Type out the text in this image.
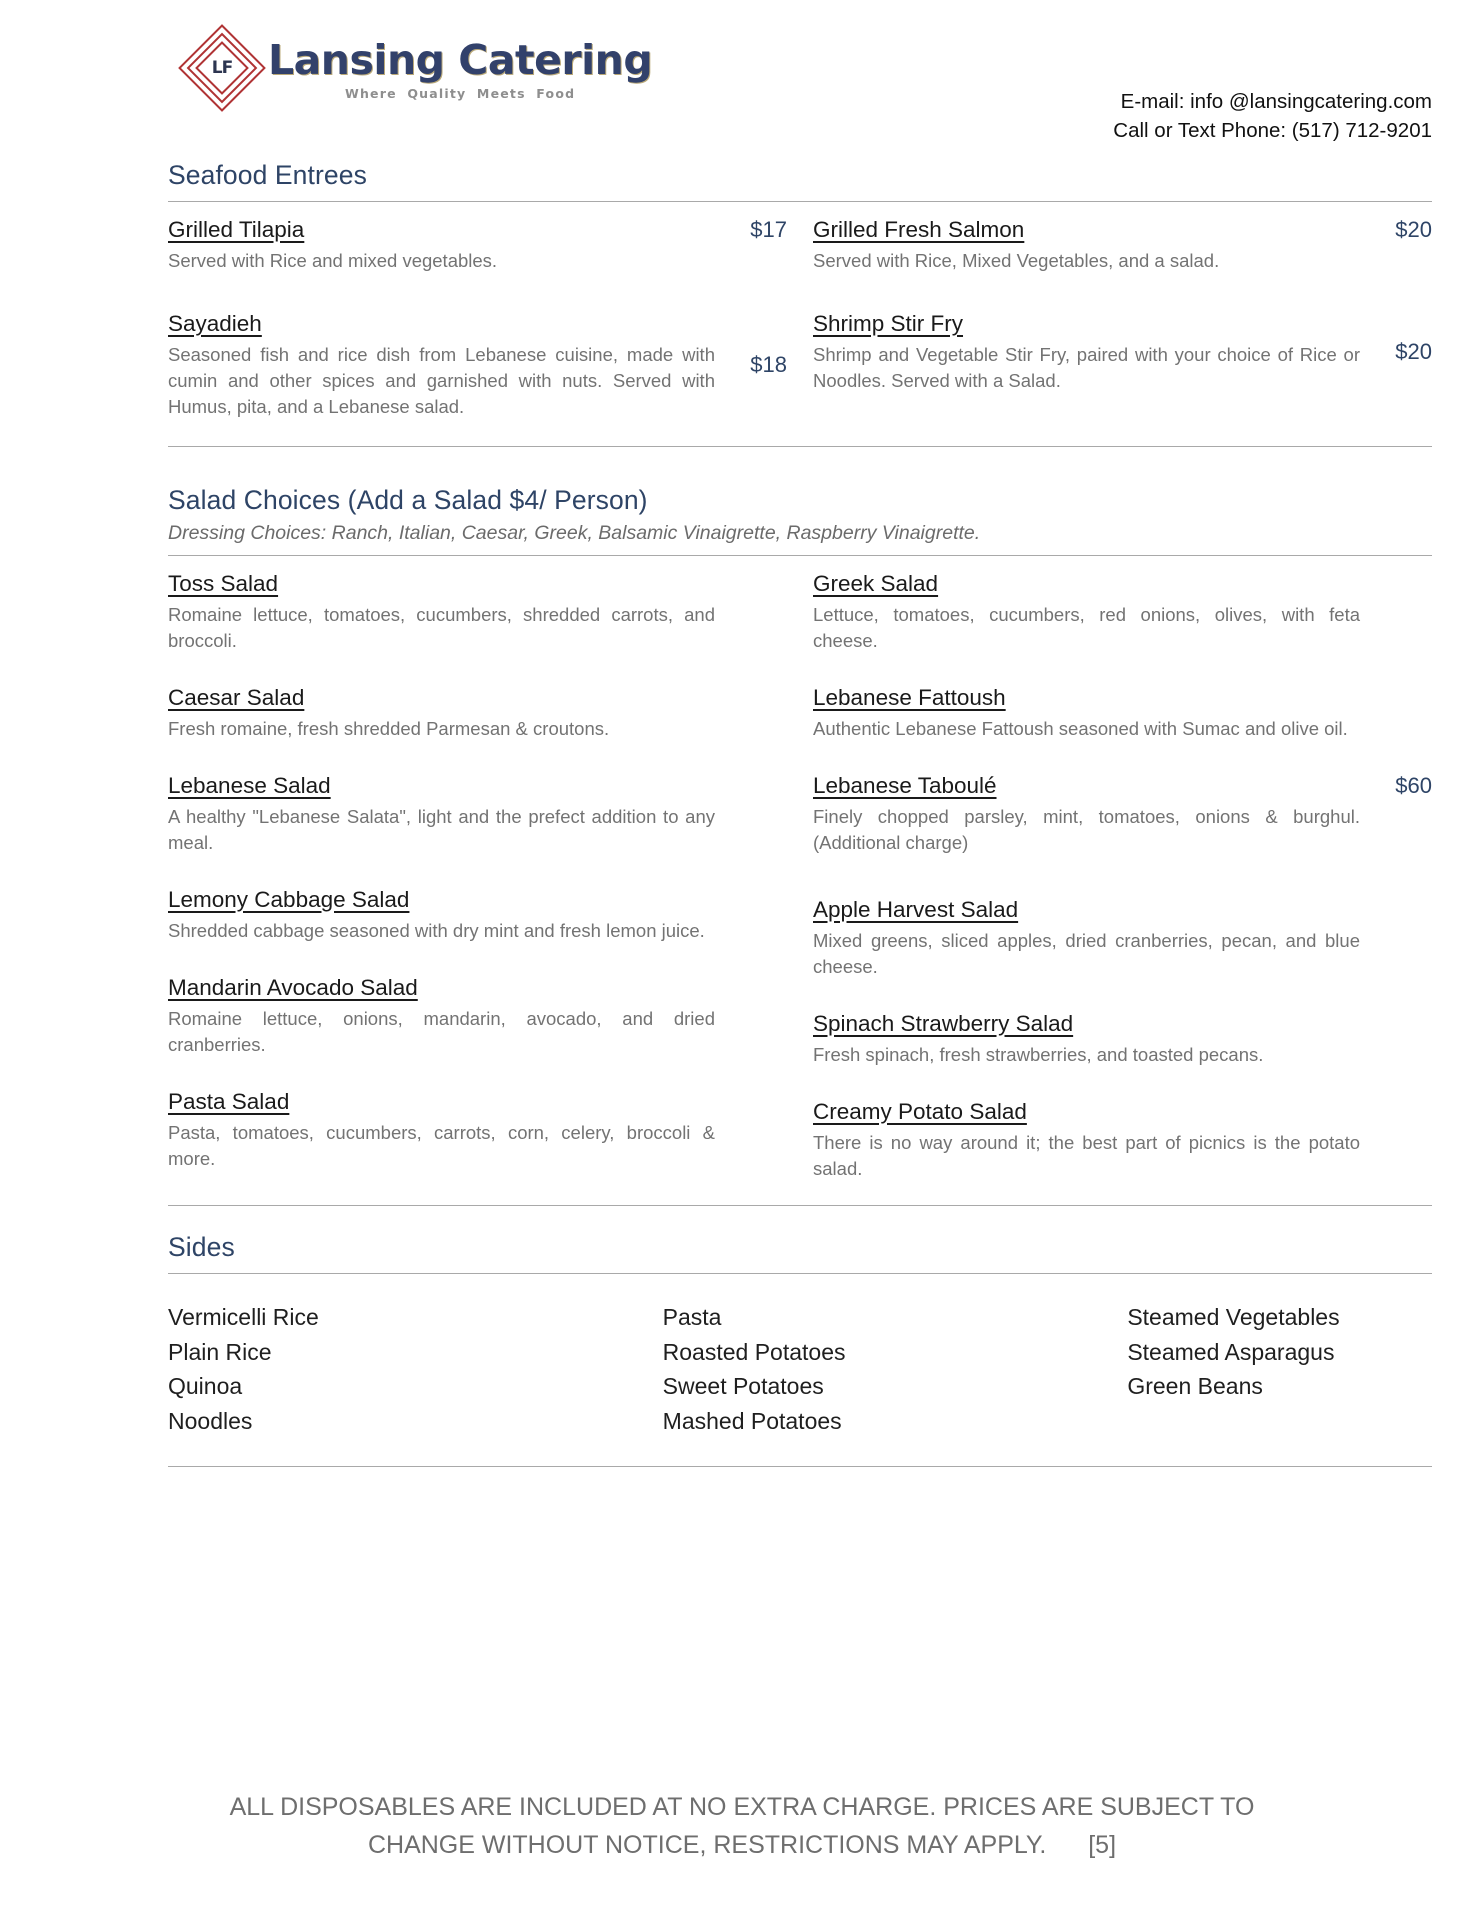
LF Lansing Catering
Where Quality Meets Food	E-mail: info @lansingcatering.com
Call or Text Phone: (517) 712-9201
Seafood Entrees
Grilled Tilapia

Served with Rice and mixed vegetables.

$17
Sayadieh

Seasoned fish and rice dish from Lebanese cuisine, made with cumin and other spices and garnished with nuts. Served with Humus, pita, and a Lebanese salad.

$18
Grilled Fresh Salmon

Served with Rice, Mixed Vegetables, and a salad.

$20
Shrimp Stir Fry

Shrimp and Vegetable Stir Fry, paired with your choice of Rice or Noodles. Served with a Salad.

$20
Salad Choices (Add a Salad $4/ Person)
Dressing Choices: Ranch, Italian, Caesar, Greek, Balsamic Vinaigrette, Raspberry Vinaigrette.
Toss Salad

Romaine lettuce, tomatoes, cucumbers, shredded carrots, and broccoli.

Caesar Salad

Fresh romaine, fresh shredded Parmesan & croutons.

Lebanese Salad

A healthy "Lebanese Salata", light and the prefect addition to any meal.

Lemony Cabbage Salad

Shredded cabbage seasoned with dry mint and fresh lemon juice.

Mandarin Avocado Salad

Romaine lettuce, onions, mandarin, avocado, and dried cranberries.

Pasta Salad

Pasta, tomatoes, cucumbers, carrots, corn, celery, broccoli & more.

Greek Salad

Lettuce, tomatoes, cucumbers, red onions, olives, with feta cheese.

Lebanese Fattoush

Authentic Lebanese Fattoush seasoned with Sumac and olive oil.

Lebanese Taboulé

Finely chopped parsley, mint, tomatoes, onions & burghul. (Additional charge)

$60
Apple Harvest Salad

Mixed greens, sliced apples, dried cranberries, pecan, and blue cheese.

Spinach Strawberry Salad

Fresh spinach, fresh strawberries, and toasted pecans.

Creamy Potato Salad

There is no way around it; the best part of picnics is the potato salad.

Sides
Vermicelli Rice
Plain Rice
Quinoa
Noodles
Pasta
Roasted Potatoes
Sweet Potatoes
Mashed Potatoes
Steamed Vegetables
Steamed Asparagus
Green Beans
ALL DISPOSABLES ARE INCLUDED AT NO EXTRA CHARGE. PRICES ARE SUBJECT TO
CHANGE WITHOUT NOTICE, RESTRICTIONS MAY APPLY. [5]
